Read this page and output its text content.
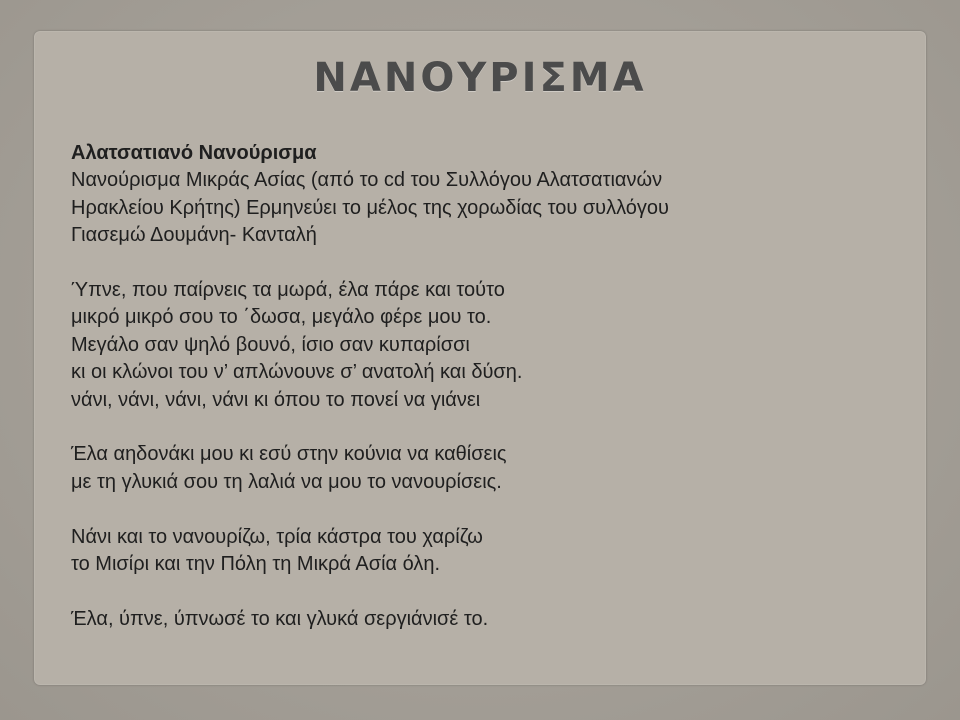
ΝΑΝΟΥΡΙΣΜΑ
Αλατσατιανό Νανούρισμα
Νανούρισμα Μικράς Ασίας (από το cd του Συλλόγου Αλατσατιανών
Ηρακλείου Κρήτης) Ερμηνεύει το μέλος της χορωδίας του συλλόγου
Γιασεμώ Δουμάνη- Κανταλή
Ύπνε, που παίρνεις τα μωρά, έλα πάρε και τούτο
μικρό μικρό σου το ΄δωσα, μεγάλο φέρε μου το.
Μεγάλο σαν ψηλό βουνό, ίσιο σαν κυπαρίσσι
κι οι κλώνοι του ν’ απλώνουνε σ’ ανατολή και δύση.
νάνι, νάνι, νάνι, νάνι κι όπου το πονεί να γιάνει
Έλα αηδονάκι μου κι εσύ στην κούνια να καθίσεις
με τη γλυκιά σου τη λαλιά να μου το νανουρίσεις.
Νάνι και το νανουρίζω, τρία κάστρα του χαρίζω
το Μισίρι και την Πόλη τη Μικρά Ασία όλη.
Έλα, ύπνε, ύπνωσέ το και γλυκά σεργιάνισέ το.
